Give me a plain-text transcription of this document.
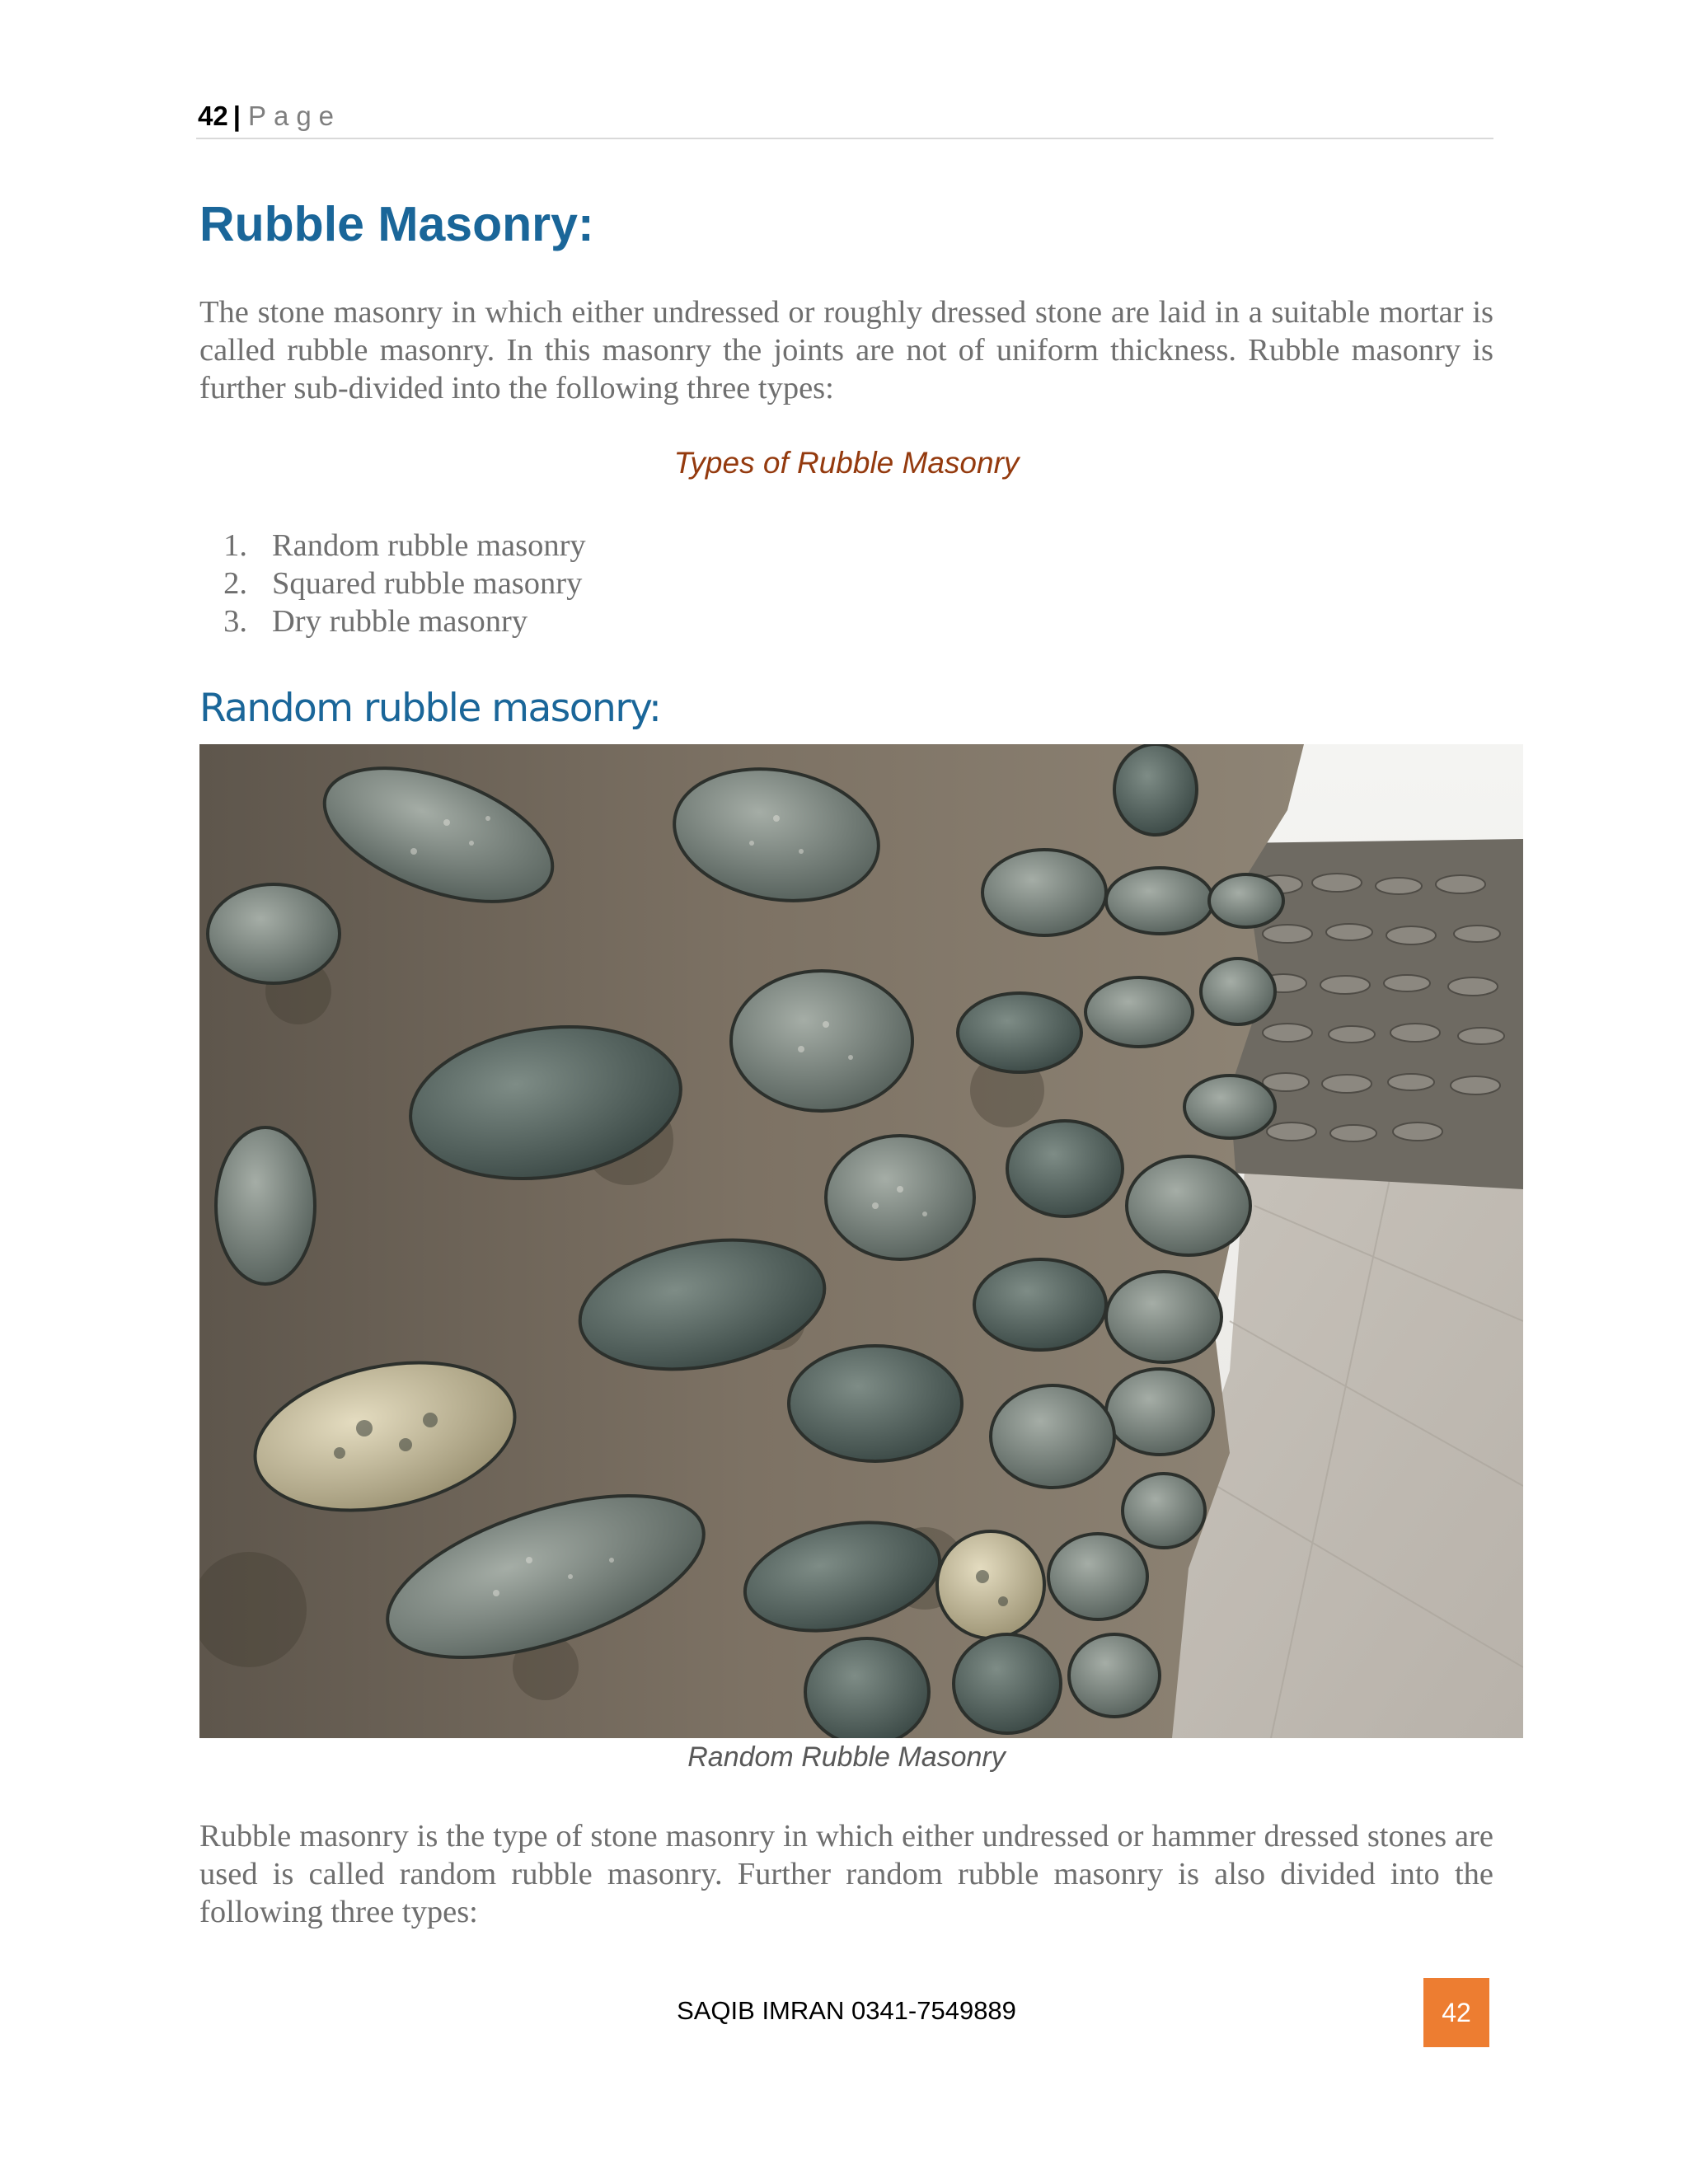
42 | Page
Rubble Masonry:

The stone masonry in which either undressed or roughly dressed stone are laid in a suitable mortar is called rubble masonry. In this masonry the joints are not of uniform thickness. Rubble masonry is further sub-divided into the following three types:

Types of Rubble Masonry

1. Random rubble masonry
2. Squared rubble masonry
3. Dry rubble masonry
Random rubble masonry:

Random Rubble Masonry

Rubble masonry is the type of stone masonry in which either undressed or hammer dressed stones are used is called random rubble masonry. Further random rubble masonry is also divided into the following three types:

SAQIB IMRAN 0341-7549889	42
